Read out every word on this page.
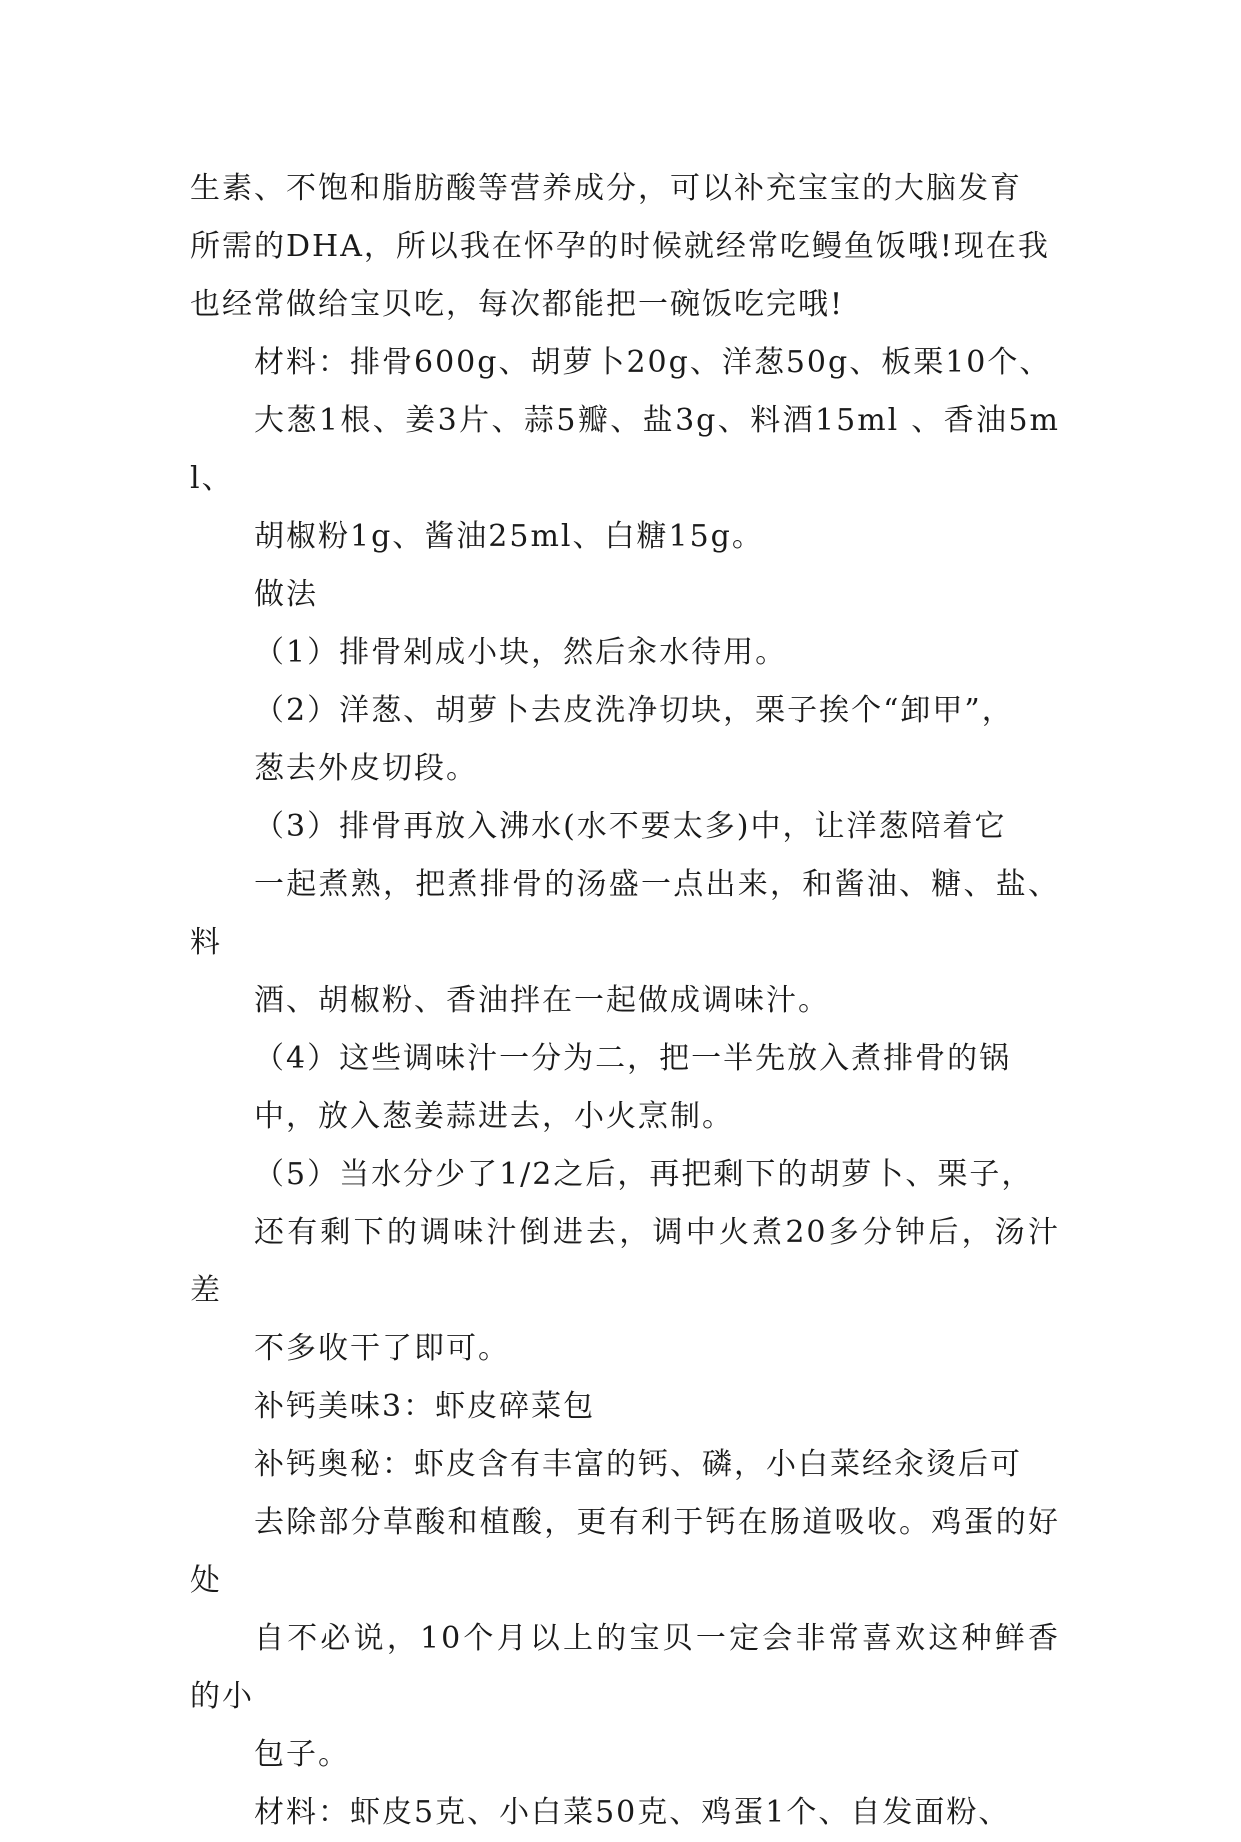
生素、不饱和脂肪酸等营养成分，可以补充宝宝的大脑发育
所需的DHA，所以我在怀孕的时候就经常吃鳗鱼饭哦!现在我
也经常做给宝贝吃，每次都能把一碗饭吃完哦!

材料：排骨600g、胡萝卜20g、洋葱50g、板栗10个、
大葱1根、姜3片、蒜5瓣、盐3g、料酒15ml 、香油5ml、
胡椒粉1g、酱油25ml、白糖15g。

做法

（1）排骨剁成小块，然后汆水待用。

（2）洋葱、胡萝卜去皮洗净切块，栗子挨个“卸甲”，
葱去外皮切段。

（3）排骨再放入沸水(水不要太多)中，让洋葱陪着它
一起煮熟，把煮排骨的汤盛一点出来，和酱油、糖、盐、料
酒、胡椒粉、香油拌在一起做成调味汁。

（4）这些调味汁一分为二，把一半先放入煮排骨的锅
中，放入葱姜蒜进去，小火烹制。

（5）当水分少了1/2之后，再把剩下的胡萝卜、栗子，
还有剩下的调味汁倒进去，调中火煮20多分钟后，汤汁差
不多收干了即可。

补钙美味3：虾皮碎菜包

补钙奥秘：虾皮含有丰富的钙、磷，小白菜经汆烫后可
去除部分草酸和植酸，更有利于钙在肠道吸收。鸡蛋的好处
自不必说，10个月以上的宝贝一定会非常喜欢这种鲜香的小
包子。

材料：虾皮5克、小白菜50克、鸡蛋1个、自发面粉、
